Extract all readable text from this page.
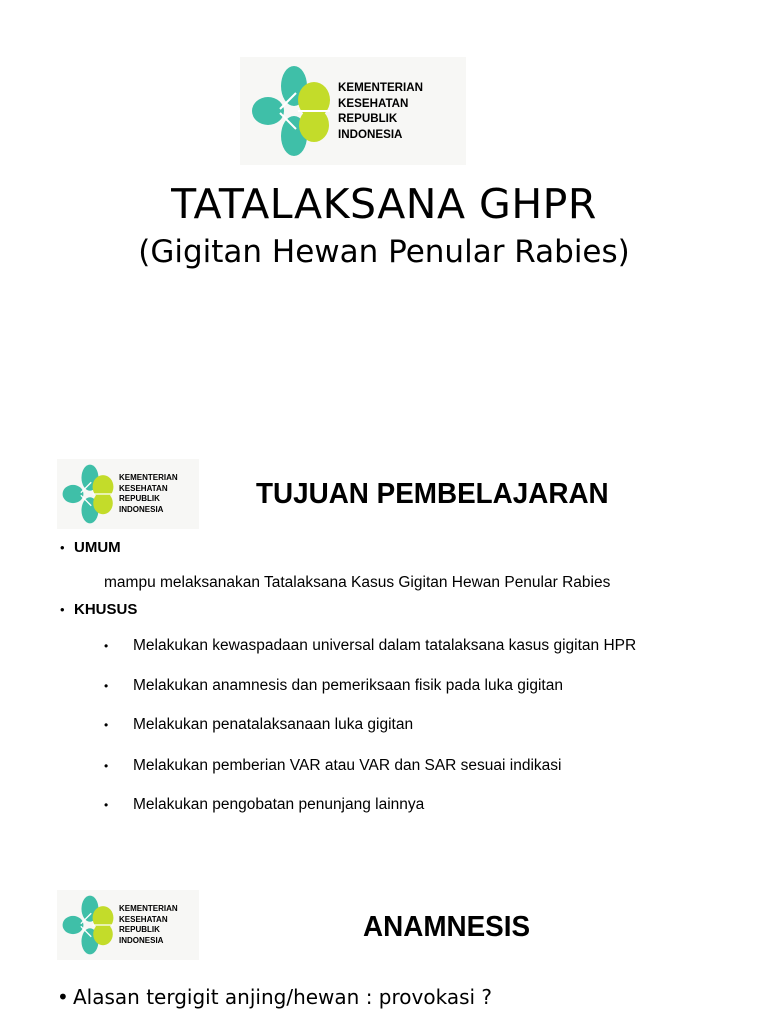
KEMENTERIAN
KESEHATAN
REPUBLIK
INDONESIA
TATALAKSANA GHPR
(Gigitan Hewan Penular Rabies)
KEMENTERIAN
KESEHATAN
REPUBLIK
INDONESIA	TUJUAN PEMBELAJARAN
• UMUM
mampu melaksanakan Tatalaksana Kasus Gigitan Hewan Penular Rabies
• KHUSUS
• Melakukan kewaspadaan universal dalam tatalaksana kasus gigitan HPR
• Melakukan anamnesis dan pemeriksaan fisik pada luka gigitan
• Melakukan penatalaksanaan luka gigitan
• Melakukan pemberian VAR atau VAR dan SAR sesuai indikasi
• Melakukan pengobatan penunjang lainnya
KEMENTERIAN
KESEHATAN
REPUBLIK
INDONESIA	ANAMNESIS
• Alasan tergigit anjing/hewan : provokasi ?
